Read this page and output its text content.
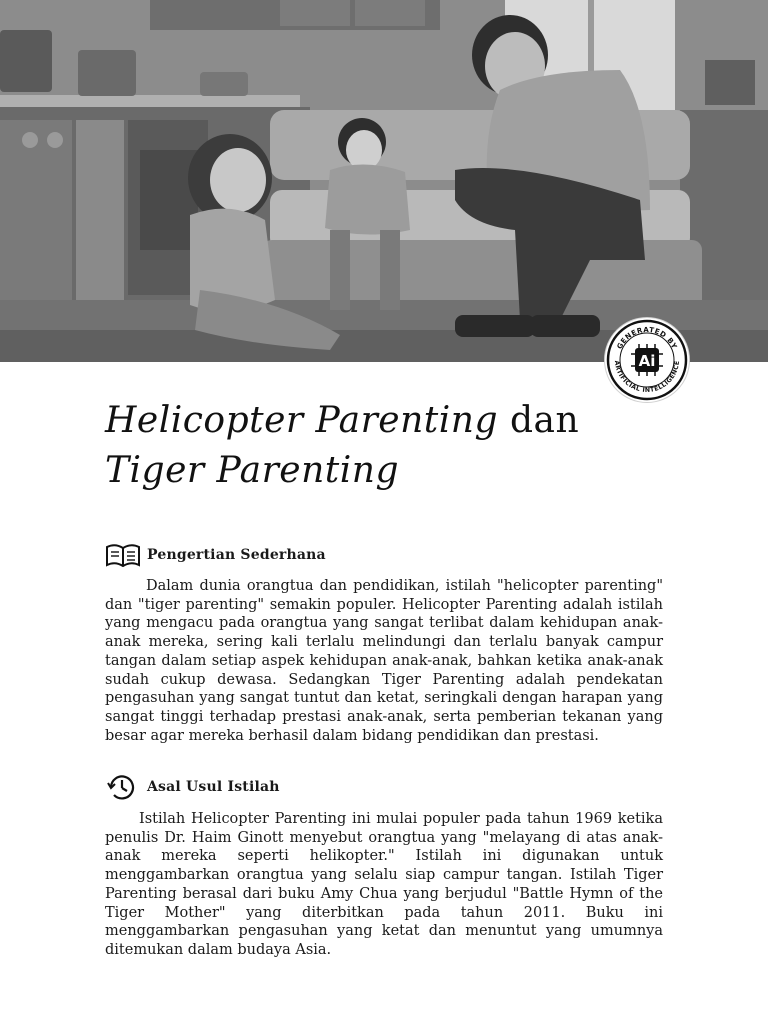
GENERATED BY
ARTIFICIAL INTELLIGENCE
Ai
Helicopter Parenting dan
Tiger Parenting
Pengertian Sederhana

Dalam dunia orangtua dan pendidikan, istilah "helicopter parenting" dan "tiger parenting" semakin populer. Helicopter Parenting adalah istilah yang mengacu pada orangtua yang sangat terlibat dalam kehidupan anak-anak mereka, sering kali terlalu melindungi dan terlalu banyak campur tangan dalam setiap aspek kehidupan anak-anak, bahkan ketika anak-anak sudah cukup dewasa. Sedangkan Tiger Parenting adalah pendekatan pengasuhan yang sangat tuntut dan ketat, seringkali dengan harapan yang sangat tinggi terhadap prestasi anak-anak, serta pemberian tekanan yang besar agar mereka berhasil dalam bidang pendidikan dan prestasi.

Asal Usul Istilah

Istilah Helicopter Parenting ini mulai populer pada tahun 1969 ketika penulis Dr. Haim Ginott menyebut orangtua yang "melayang di atas anak-anak mereka seperti helikopter." Istilah ini digunakan untuk menggambarkan orangtua yang selalu siap campur tangan. Istilah Tiger Parenting berasal dari buku Amy Chua yang berjudul "Battle Hymn of the Tiger Mother" yang diterbitkan pada tahun 2011. Buku ini menggambarkan pengasuhan yang ketat dan menuntut yang umumnya ditemukan dalam budaya Asia.
